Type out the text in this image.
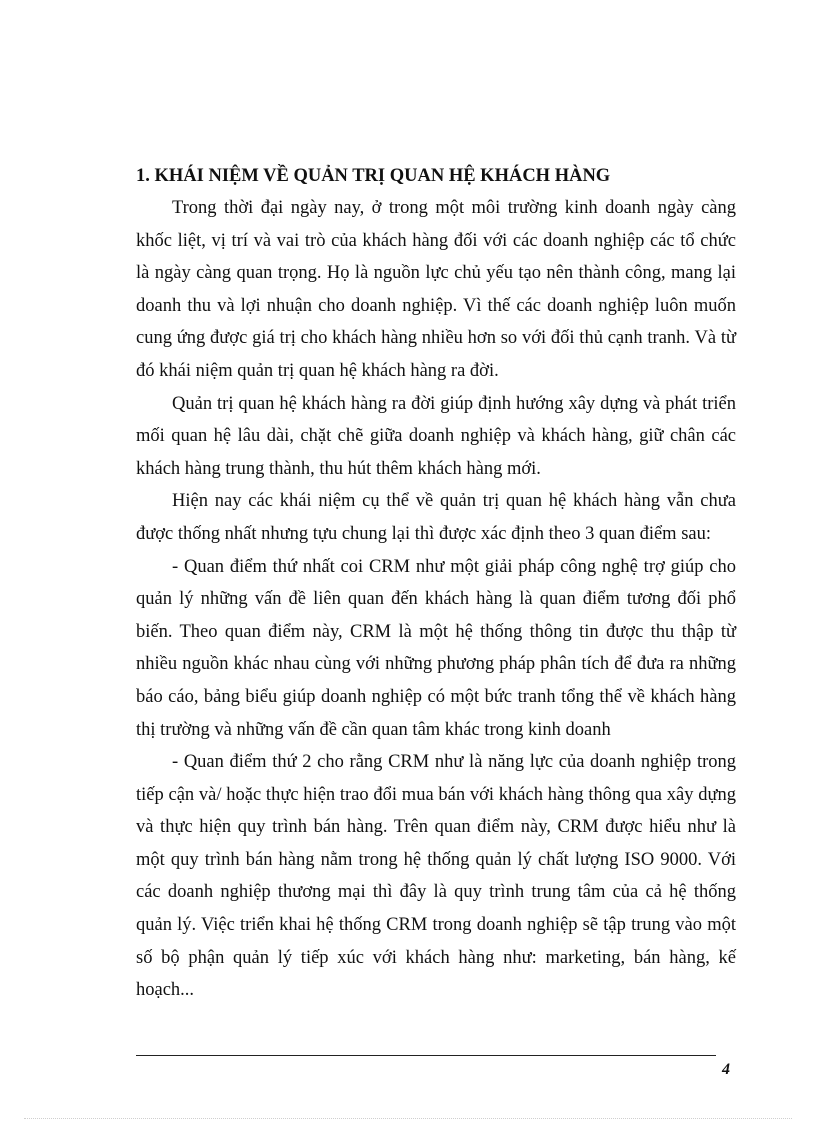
1. KHÁI NIỆM VỀ QUẢN TRỊ QUAN HỆ KHÁCH HÀNG

Trong thời đại ngày nay, ở trong một môi trường kinh doanh ngày càng khốc liệt, vị trí và vai trò của khách hàng đối với các doanh nghiệp các tổ chức là ngày càng quan trọng. Họ là nguồn lực chủ yếu tạo nên thành công, mang lại doanh thu và lợi nhuận cho doanh nghiệp. Vì thế các doanh nghiệp luôn muốn cung ứng được giá trị cho khách hàng nhiều hơn so với đối thủ cạnh tranh. Và từ đó khái niệm quản trị quan hệ khách hàng ra đời.

Quản trị quan hệ khách hàng ra đời giúp định hướng xây dựng và phát triển mối quan hệ lâu dài, chặt chẽ giữa doanh nghiệp và khách hàng, giữ chân các khách hàng trung thành, thu hút thêm khách hàng mới.

Hiện nay các khái niệm cụ thể về quản trị quan hệ khách hàng vẫn chưa được thống nhất nhưng tựu chung lại thì được xác định theo 3 quan điểm sau:

- Quan điểm thứ nhất coi CRM như một giải pháp công nghệ trợ giúp cho quản lý những vấn đề liên quan đến khách hàng là quan điểm tương đối phổ biến. Theo quan điểm này, CRM là một hệ thống thông tin được thu thập từ nhiều nguồn khác nhau cùng với những phương pháp phân tích để đưa ra những báo cáo, bảng biểu giúp doanh nghiệp có một bức tranh tổng thể về khách hàng thị trường và những vấn đề cần quan tâm khác trong kinh doanh

- Quan điểm thứ 2 cho rằng CRM như là năng lực của doanh nghiệp trong tiếp cận và/ hoặc thực hiện trao đổi mua bán với khách hàng thông qua xây dựng và thực hiện quy trình bán hàng. Trên quan điểm này, CRM được hiểu như là một quy trình bán hàng nằm trong hệ thống quản lý chất lượng ISO 9000. Với các doanh nghiệp thương mại thì đây là quy trình trung tâm của cả hệ thống quản lý. Việc triển khai hệ thống CRM trong doanh nghiệp sẽ tập trung vào một số bộ phận quản lý tiếp xúc với khách hàng như: marketing, bán hàng, kế hoạch...

4
